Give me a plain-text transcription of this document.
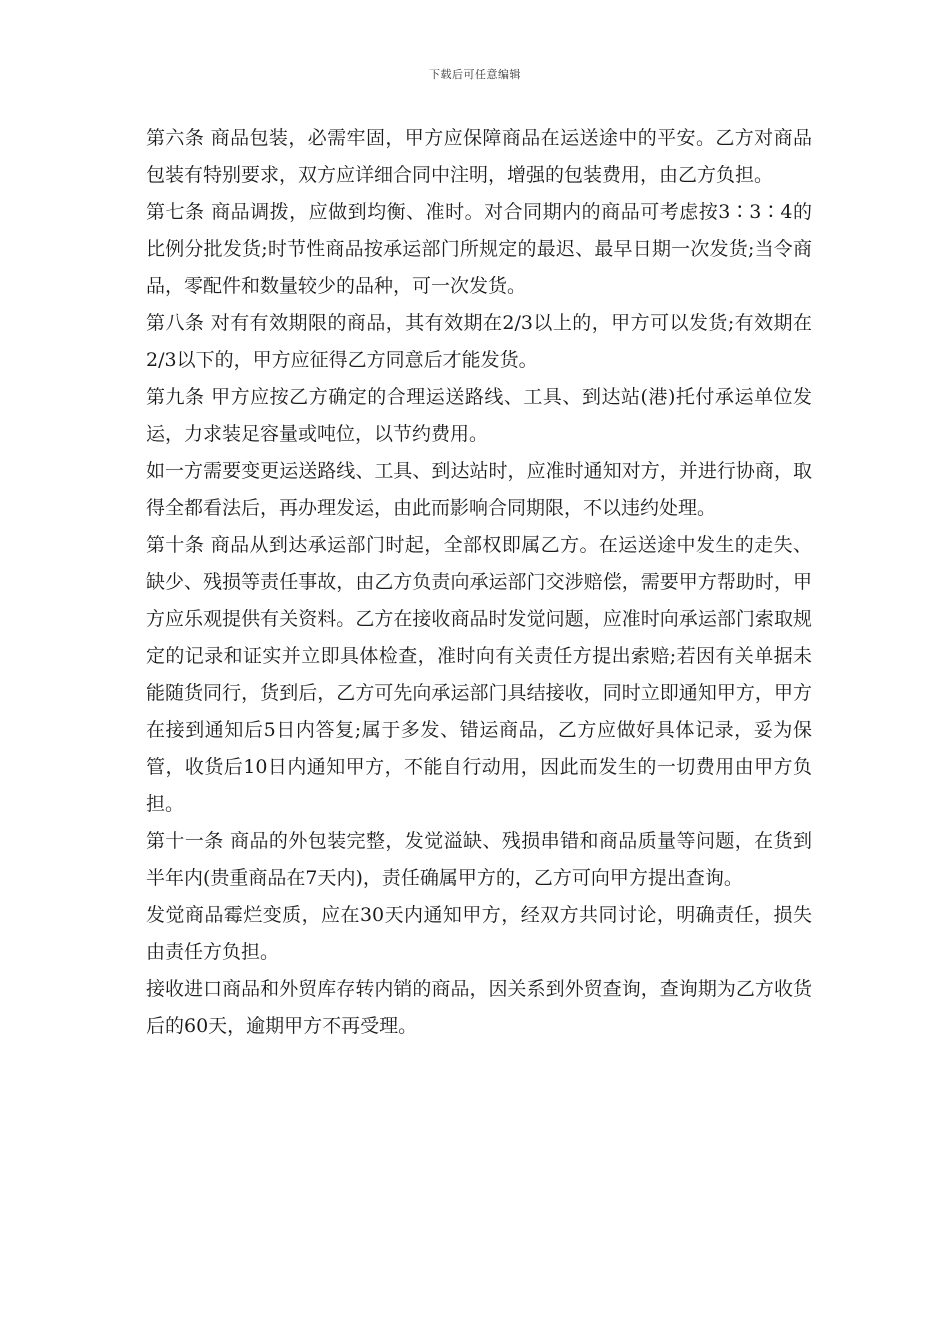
下载后可任意编辑

第六条 商品包装，必需牢固，甲方应保障商品在运送途中的平安。乙方对商品包装有特别要求，双方应详细合同中注明，增强的包装费用，由乙方负担。

第七条 商品调拨，应做到均衡、准时。对合同期内的商品可考虑按3∶3∶4的比例分批发货;时节性商品按承运部门所规定的最迟、最早日期一次发货;当令商品，零配件和数量较少的品种，可一次发货。

第八条 对有有效期限的商品，其有效期在2/3以上的，甲方可以发货;有效期在2/3以下的，甲方应征得乙方同意后才能发货。

第九条 甲方应按乙方确定的合理运送路线、工具、到达站(港)托付承运单位发运，力求装足容量或吨位，以节约费用。

如一方需要变更运送路线、工具、到达站时，应准时通知对方，并进行协商，取得全都看法后，再办理发运，由此而影响合同期限，不以违约处理。

第十条 商品从到达承运部门时起，全部权即属乙方。在运送途中发生的走失、缺少、残损等责任事故，由乙方负责向承运部门交涉赔偿，需要甲方帮助时，甲方应乐观提供有关资料。乙方在接收商品时发觉问题，应准时向承运部门索取规定的记录和证实并立即具体检查，准时向有关责任方提出索赔;若因有关单据未能随货同行，货到后，乙方可先向承运部门具结接收，同时立即通知甲方，甲方在接到通知后5日内答复;属于多发、错运商品，乙方应做好具体记录，妥为保管，收货后10日内通知甲方，不能自行动用，因此而发生的一切费用由甲方负担。

第十一条 商品的外包装完整，发觉溢缺、残损串错和商品质量等问题，在货到半年内(贵重商品在7天内)，责任确属甲方的，乙方可向甲方提出查询。

发觉商品霉烂变质，应在30天内通知甲方，经双方共同讨论，明确责任，损失由责任方负担。

接收进口商品和外贸库存转内销的商品，因关系到外贸查询，查询期为乙方收货后的60天，逾期甲方不再受理。
